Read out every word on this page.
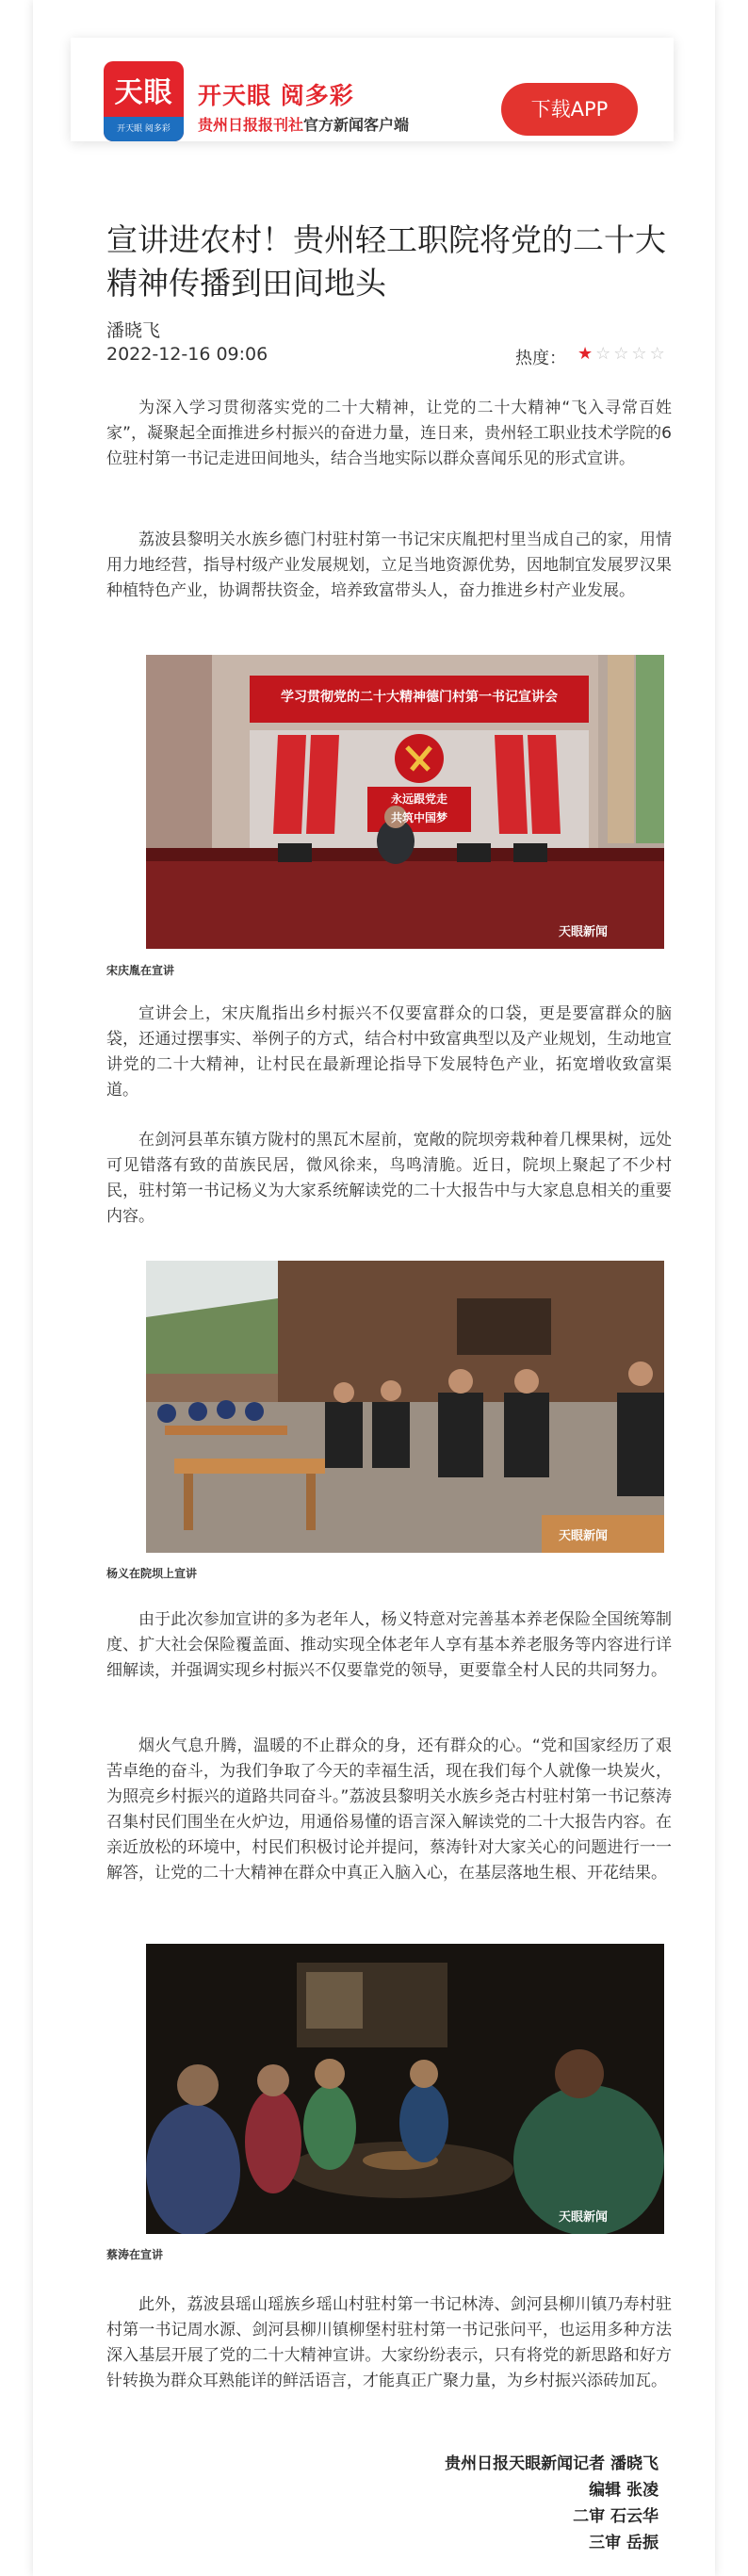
天眼
开天眼 阅多彩
开天眼 阅多彩
贵州日报报刊社官方新闻客户端
下载APP
宣讲进农村！贵州轻工职院将党的二十大精神传播到田间地头
潘晓飞
2022-12-16 09:06	热度： ★☆☆☆☆

为深入学习贯彻落实党的二十大精神，让党的二十大精神“飞入寻常百姓家”，凝聚起全面推进乡村振兴的奋进力量，连日来，贵州轻工职业技术学院的6位驻村第一书记走进田间地头，结合当地实际以群众喜闻乐见的形式宣讲。

荔波县黎明关水族乡德门村驻村第一书记宋庆胤把村里当成自己的家，用情用力地经营，指导村级产业发展规划，立足当地资源优势，因地制宜发展罗汉果种植特色产业，协调帮扶资金，培养致富带头人，奋力推进乡村产业发展。

学习贯彻党的二十大精神德门村第一书记宣讲会
永远跟党走
共筑中国梦
天眼新闻
宋庆胤在宣讲

宣讲会上，宋庆胤指出乡村振兴不仅要富群众的口袋，更是要富群众的脑袋，还通过摆事实、举例子的方式，结合村中致富典型以及产业规划，生动地宣讲党的二十大精神，让村民在最新理论指导下发展特色产业，拓宽增收致富渠道。

在剑河县革东镇方陇村的黑瓦木屋前，宽敞的院坝旁栽种着几棵果树，远处可见错落有致的苗族民居，微风徐来，鸟鸣清脆。近日，院坝上聚起了不少村民，驻村第一书记杨义为大家系统解读党的二十大报告中与大家息息相关的重要内容。

天眼新闻
杨义在院坝上宣讲

由于此次参加宣讲的多为老年人，杨义特意对完善基本养老保险全国统筹制度、扩大社会保险覆盖面、推动实现全体老年人享有基本养老服务等内容进行详细解读，并强调实现乡村振兴不仅要靠党的领导，更要靠全村人民的共同努力。

烟火气息升腾，温暖的不止群众的身，还有群众的心。“党和国家经历了艰苦卓绝的奋斗，为我们争取了今天的幸福生活，现在我们每个人就像一块炭火，为照亮乡村振兴的道路共同奋斗。”荔波县黎明关水族乡尧古村驻村第一书记蔡涛召集村民们围坐在火炉边，用通俗易懂的语言深入解读党的二十大报告内容。在亲近放松的环境中，村民们积极讨论并提问，蔡涛针对大家关心的问题进行一一解答，让党的二十大精神在群众中真正入脑入心，在基层落地生根、开花结果。

天眼新闻
蔡涛在宣讲

此外，荔波县瑶山瑶族乡瑶山村驻村第一书记林涛、剑河县柳川镇乃寿村驻村第一书记周水源、剑河县柳川镇柳堡村驻村第一书记张问平，也运用多种方法深入基层开展了党的二十大精神宣讲。大家纷纷表示，只有将党的新思路和好方针转换为群众耳熟能详的鲜活语言，才能真正广聚力量，为乡村振兴添砖加瓦。

贵州日报天眼新闻记者 潘晓飞
编辑 张凌
二审 石云华
三审 岳振
